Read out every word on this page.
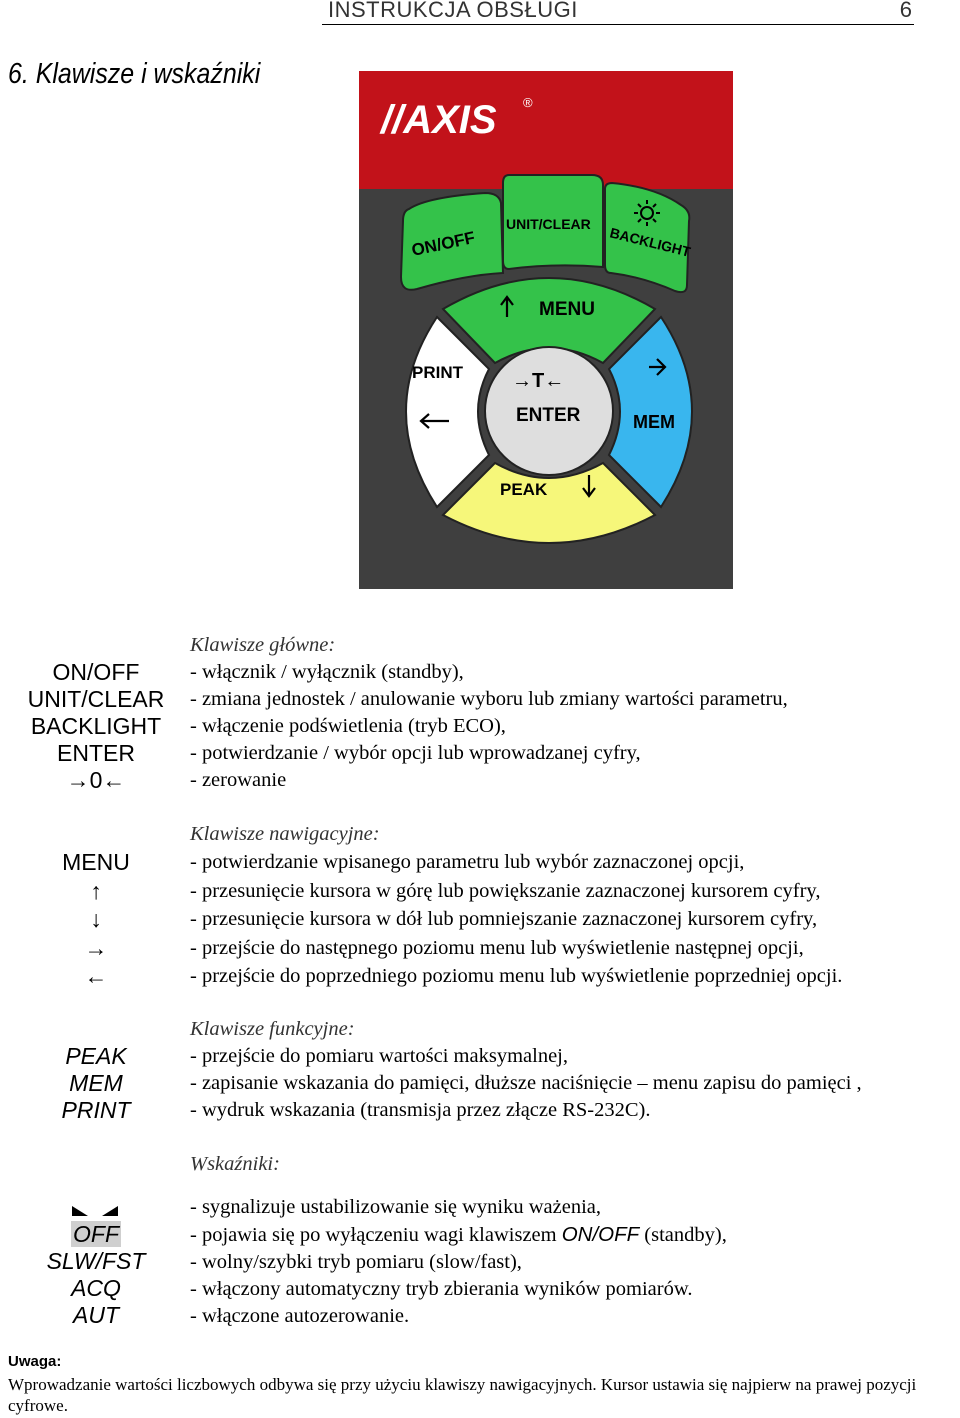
INSTRUKCJA OBSŁUGI	6
6. Klawisze i wskaźniki
//AXIS ®
ON/OFF
UNIT/CLEAR
BACKLIGHT
MENU
PRINT
MEM
PEAK
→T←
ENTER
Klawisze główne:
ON/OFF
UNIT/CLEAR
BACKLIGHT
ENTER
→0←
- włącznik / wyłącznik (standby),
- zmiana jednostek / anulowanie wyboru lub zmiany wartości parametru,
- włączenie podświetlenia (tryb ECO),
- potwierdzanie / wybór opcji lub wprowadzanej cyfry,
- zerowanie
Klawisze nawigacyjne:
MENU
↑
↓
→
←
- potwierdzanie wpisanego parametru lub wybór zaznaczonej opcji,
- przesunięcie kursora w górę lub powiększanie zaznaczonej kursorem cyfry,
- przesunięcie kursora w dół lub pomniejszanie zaznaczonej kursorem cyfry,
- przejście do następnego poziomu menu lub wyświetlenie następnej opcji,
- przejście do poprzedniego poziomu menu lub wyświetlenie poprzedniej opcji.
Klawisze funkcyjne:
PEAK
MEM
PRINT
- przejście do pomiaru wartości maksymalnej,
- zapisanie wskazania do pamięci, dłuższe naciśnięcie – menu zapisu do pamięci ,
- wydruk wskazania (transmisja przez złącze RS-232C).
Wskaźniki:
OFF
SLW/FST
ACQ
AUT
- sygnalizuje ustabilizowanie się wyniku ważenia,
- pojawia się po wyłączeniu wagi klawiszem ON/OFF (standby),
- wolny/szybki tryb pomiaru (slow/fast),
- włączony automatyczny tryb zbierania wyników pomiarów.
- włączone autozerowanie.
Uwaga:
Wprowadzanie wartości liczbowych odbywa się przy użyciu klawiszy nawigacyjnych. Kursor ustawia się najpierw na prawej pozycji cyfrowe.
